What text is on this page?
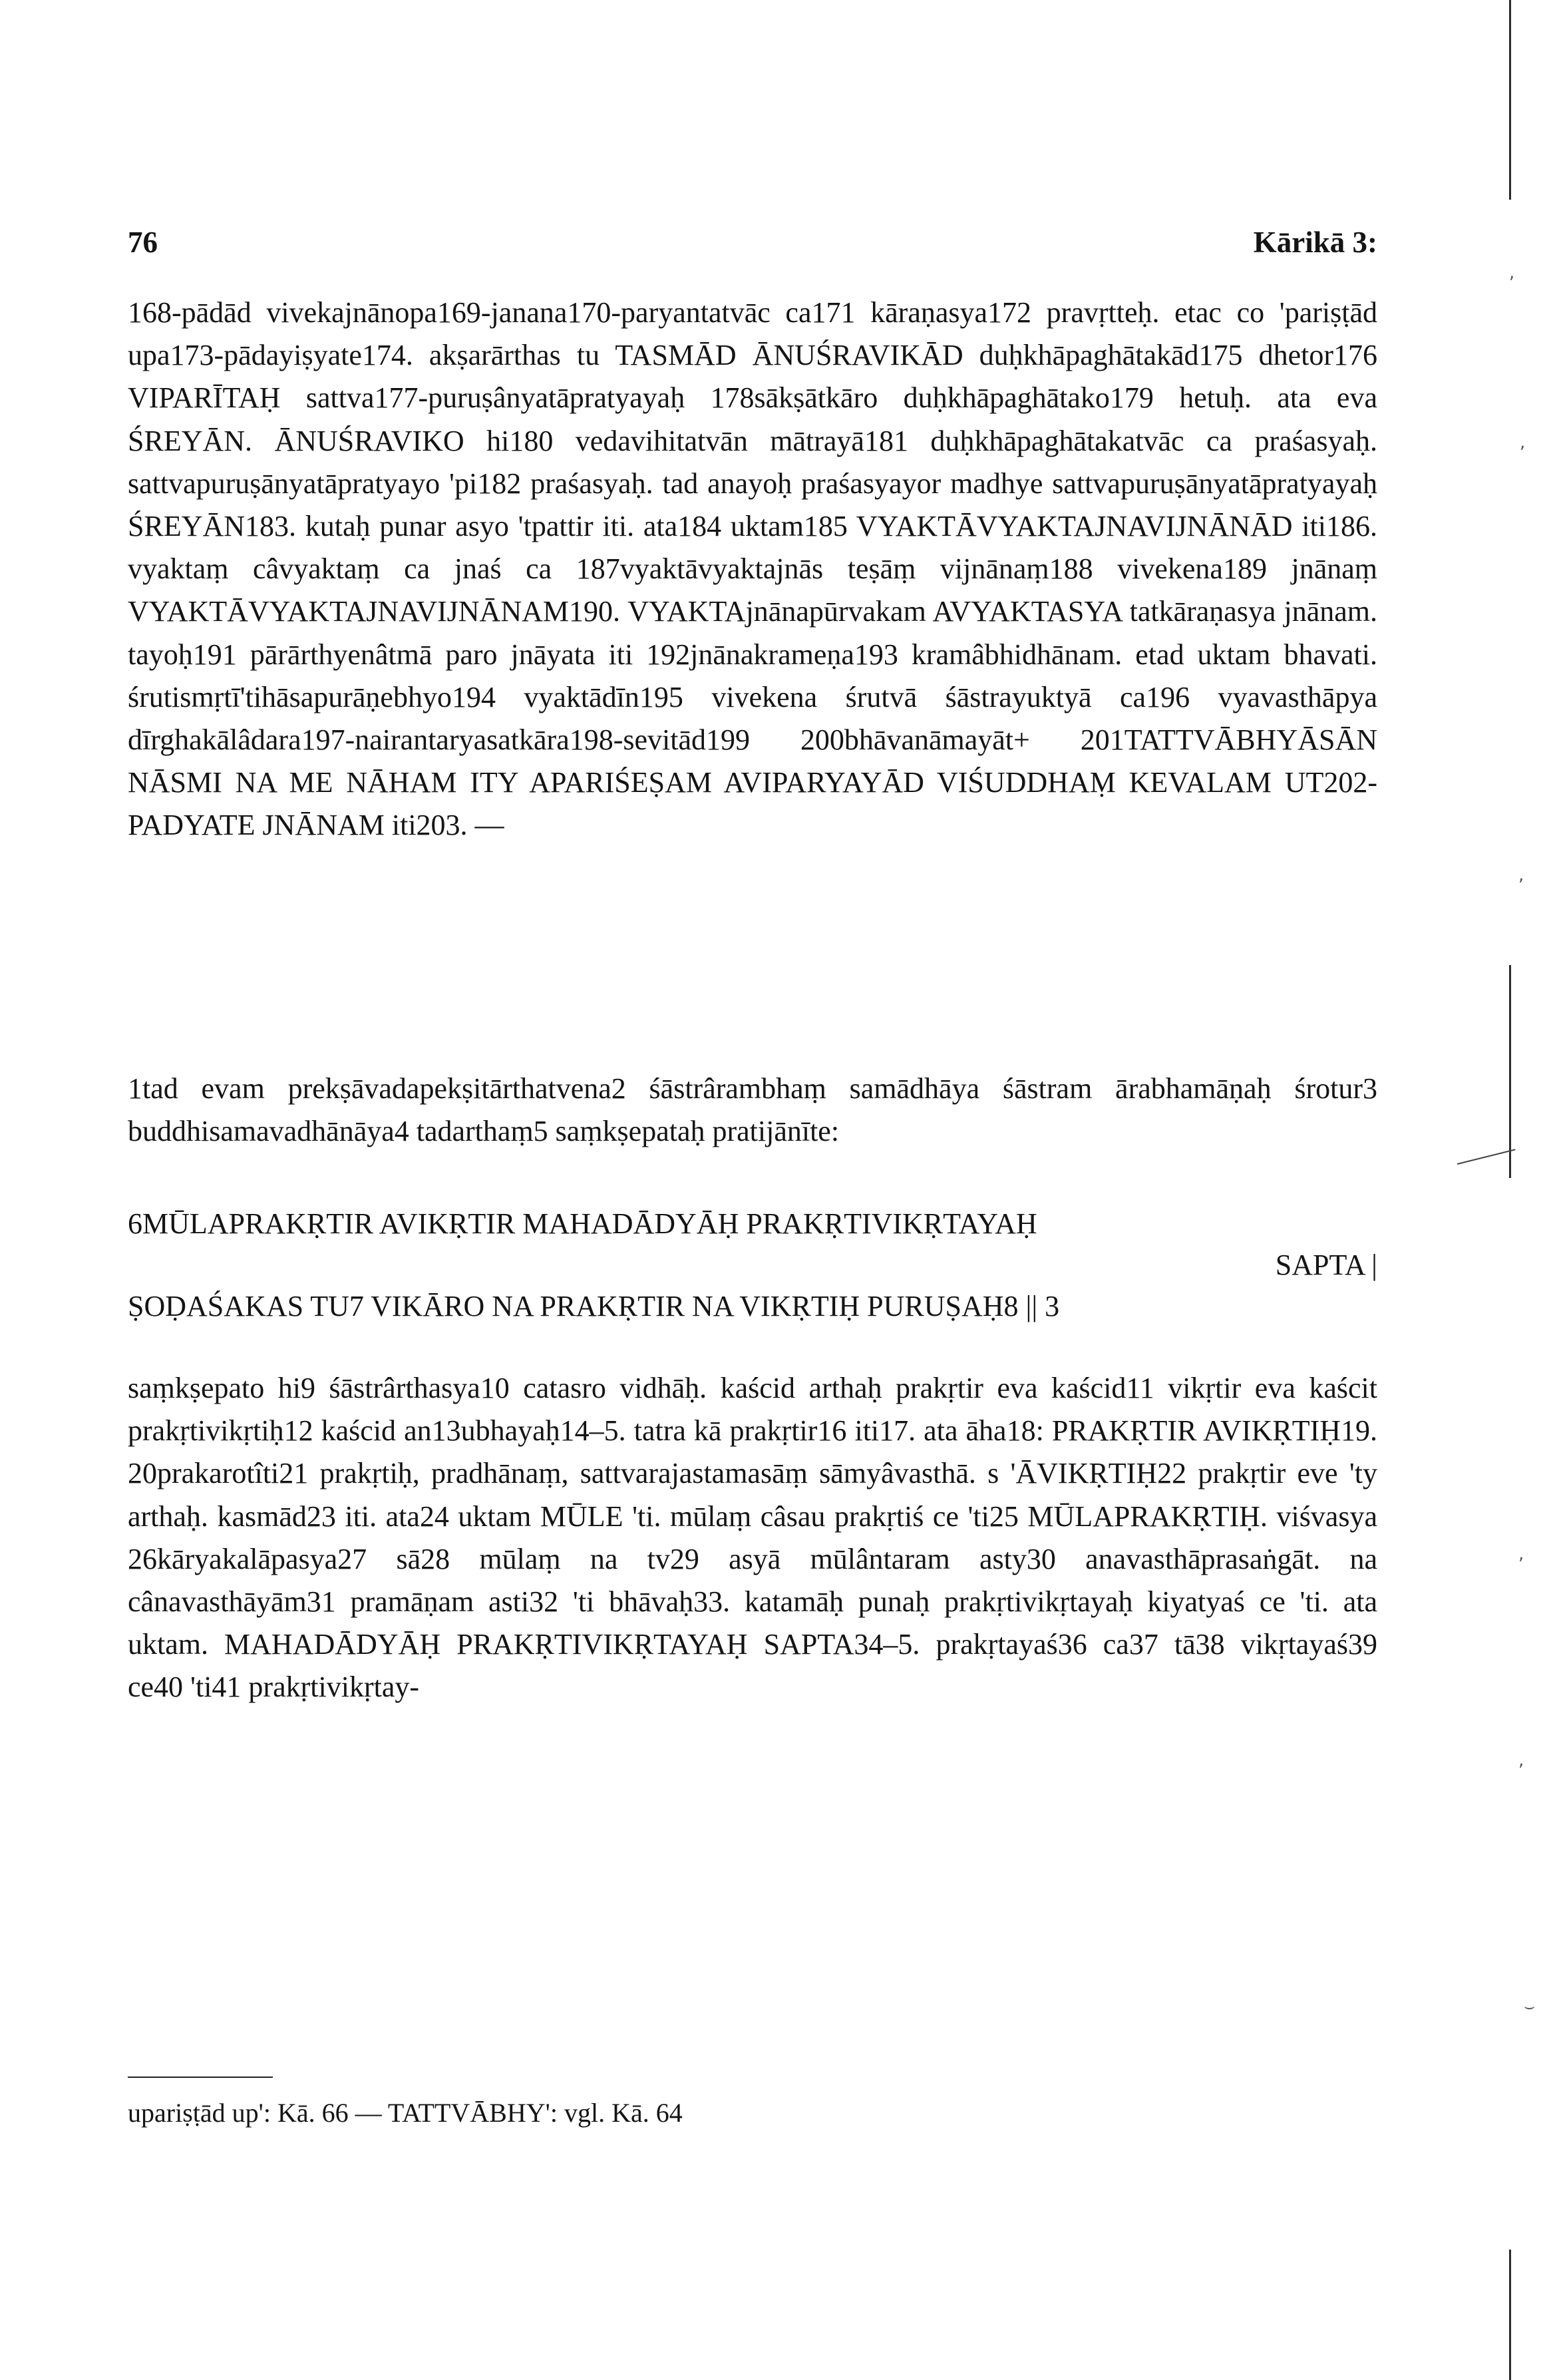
,
,
,
,
,
⌣
76	Kārikā 3:

168-pādād vivekajnānopa169-janana170-paryantatvāc ca171 kāraṇasya172 pravṛtteḥ. etac co 'pariṣṭād upa173-pādayiṣyate174. akṣarārthas tu TASMĀD ĀNUŚRAVIKĀD duḥkhāpaghātakād175 dhetor176 VIPARĪTAḤ sattva177-puruṣânyatāpratyayaḥ 178sākṣātkāro duḥkhāpaghātako179 hetuḥ. ata eva ŚREYĀN. ĀNUŚRAVIKO hi180 vedavihitatvān mātrayā181 duḥkhāpaghātakatvāc ca praśasyaḥ. sattvapuruṣānyatāpratyayo 'pi182 praśasyaḥ. tad anayoḥ praśasyayor madhye sattvapuruṣānyatāpratyayaḥ ŚREYĀN183. kutaḥ punar asyo 'tpattir iti. ata184 uktam185 VYAKTĀVYAKTAJNAVIJNĀNĀD iti186. vyaktaṃ câvyaktaṃ ca jnaś ca 187vyaktāvyaktajnās teṣāṃ vijnānaṃ188 vivekena189 jnānaṃ VYAKTĀVYAKTAJNAVIJNĀNAM190. VYAKTAjnānapūrvakam AVYAKTASYA tatkāraṇasya jnānam. tayoḥ191 pārārthyenâtmā paro jnāyata iti 192jnānakrameṇa193 kramâbhidhānam. etad uktam bhavati. śrutismṛtī'tihāsapurāṇebhyo194 vyaktādīn195 vivekena śrutvā śāstrayuktyā ca196 vyavasthāpya dīrghakālâdara197-nairantaryasatkāra198-sevitād199 200bhāvanāmayāt+ 201TATTVĀBHYĀSĀN NĀSMI NA ME NĀHAM ITY APARIŚEṢAM AVIPARYAYĀD VIŚUDDHAṂ KEVALAM UT202-PADYATE JNĀNAM iti203. —

1tad evam prekṣāvadapekṣitārthatvena2 śāstrârambhaṃ samādhāya śāstram ārabhamāṇaḥ śrotur3 buddhisamavadhānāya4 tadarthaṃ5 saṃkṣepataḥ pratijānīte:

6MŪLAPRAKṚTIR AVIKṚTIR MAHADĀDYĀḤ PRAKṚTIVIKṚTAYAḤ
SAPTA |
ṢOḌAŚAKAS TU7 VIKĀRO NA PRAKṚTIR NA VIKṚTIḤ PURUṢAḤ8 || 3

saṃkṣepato hi9 śāstrârthasya10 catasro vidhāḥ. kaścid arthaḥ prakṛtir eva kaścid11 vikṛtir eva kaścit prakṛtivikṛtiḥ12 kaścid an13ubhayaḥ14–5. tatra kā prakṛtir16 iti17. ata āha18: PRAKṚTIR AVIKṚTIḤ19. 20prakarotîti21 prakṛtiḥ, pradhānaṃ, sattvarajastamasāṃ sāmyâvasthā. s 'ĀVIKṚTIḤ22 prakṛtir eve 'ty arthaḥ. kasmād23 iti. ata24 uktam MŪLE 'ti. mūlaṃ câsau prakṛtiś ce 'ti25 MŪLAPRAKṚTIḤ. viśvasya 26kāryakalāpasya27 sā28 mūlaṃ na tv29 asyā mūlântaram asty30 anavasthāprasaṅgāt. na cânavasthāyām31 pramāṇam asti32 'ti bhāvaḥ33. katamāḥ punaḥ prakṛtivikṛtayaḥ kiyatyaś ce 'ti. ata uktam. MAHADĀDYĀḤ PRAKṚTIVIKṚTAYAḤ SAPTA34–5. prakṛtayaś36 ca37 tā38 vikṛtayaś39 ce40 'ti41 prakṛtivikṛtay-

upariṣṭād up': Kā. 66 — TATTVĀBHY': vgl. Kā. 64
